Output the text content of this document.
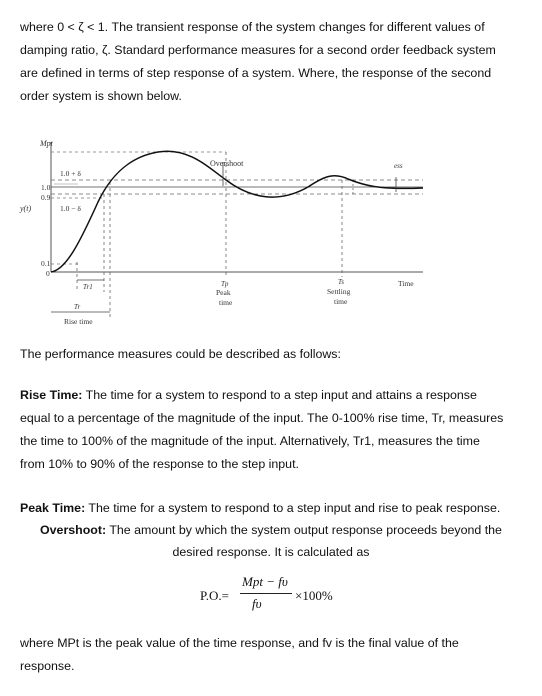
where 0 < ζ < 1. The transient response of the system changes for different values of
damping ratio, ζ. Standard performance measures for a second order feedback system
are defined in terms of step response of a system. Where, the response of the second
order system is shown below.
Mpt
Overshoot
1.0 + δ
1.0
0.9
y(t)	1.0 − δ
0.1
0
ess
Time
Tr1
Tr
Rise time
Tp
Peak
time
Ts
Settling
time
The performance measures could be described as follows:
Rise Time: The time for a system to respond to a step input and attains a response
equal to a percentage of the magnitude of the input. The 0-100% rise time, Tr, measures
the time to 100% of the magnitude of the input. Alternatively, Tr1, measures the time
from 10% to 90% of the response to the step input.
Peak Time: The time for a system to respond to a step input and rise to peak response.
Overshoot: The amount by which the system output response proceeds beyond the
desired response. It is calculated as
P.O.=
Mpt − fυ
fυ
×100%
where MPt is the peak value of the time response, and fv is the final value of the
response.
